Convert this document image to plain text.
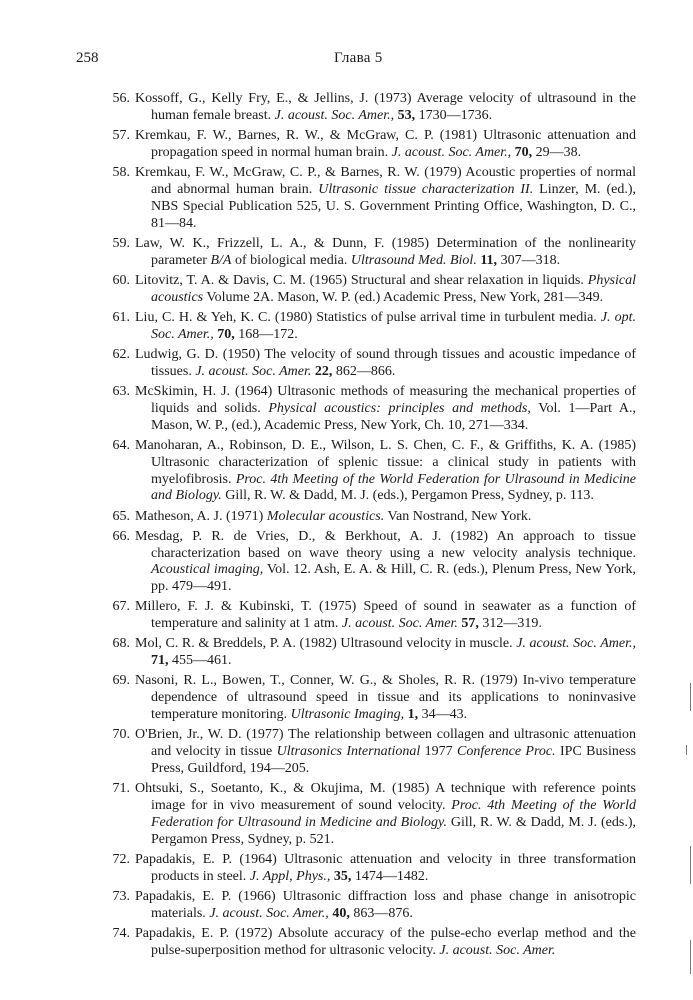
258	Глава 5
56. Kossoff, G., Kelly Fry, E., & Jellins, J. (1973) Average velocity of ultrasound in the human female breast. J. acoust. Soc. Amer., 53, 1730—1736.
57. Kremkau, F. W., Barnes, R. W., & McGraw, C. P. (1981) Ultrasonic attenuation and propagation speed in normal human brain. J. acoust. Soc. Amer., 70, 29—38.
58. Kremkau, F. W., McGraw, C. P., & Barnes, R. W. (1979) Acoustic properties of normal and abnormal human brain. Ultrasonic tissue characterization II. Linzer, M. (ed.), NBS Special Publication 525, U. S. Government Printing Office, Washington, D. C., 81—84.
59. Law, W. K., Frizzell, L. A., & Dunn, F. (1985) Determination of the nonlinearity parameter B/A of biological media. Ultrasound Med. Biol. 11, 307—318.
60. Litovitz, T. A. & Davis, C. M. (1965) Structural and shear relaxation in liquids. Physical acoustics Volume 2A. Mason, W. P. (ed.) Academic Press, New York, 281—349.
61. Liu, C. H. & Yeh, K. C. (1980) Statistics of pulse arrival time in turbulent media. J. opt. Soc. Amer., 70, 168—172.
62. Ludwig, G. D. (1950) The velocity of sound through tissues and acoustic impedance of tissues. J. acoust. Soc. Amer. 22, 862—866.
63. McSkimin, H. J. (1964) Ultrasonic methods of measuring the mechanical properties of liquids and solids. Physical acoustics: principles and methods, Vol. 1—Part A., Mason, W. P., (ed.), Academic Press, New York, Ch. 10, 271—334.
64. Manoharan, A., Robinson, D. E., Wilson, L. S. Chen, C. F., & Griffiths, K. A. (1985) Ultrasonic characterization of splenic tissue: a clinical study in patients with myelofibrosis. Proc. 4th Meeting of the World Federation for Ulrasound in Medicine and Biology. Gill, R. W. & Dadd, M. J. (eds.), Pergamon Press, Sydney, p. 113.
65. Matheson, A. J. (1971) Molecular acoustics. Van Nostrand, New York.
66. Mesdag, P. R. de Vries, D., & Berkhout, A. J. (1982) An approach to tissue characterization based on wave theory using a new velocity analysis technique. Acoustical imaging, Vol. 12. Ash, E. A. & Hill, C. R. (eds.), Plenum Press, New York, pp. 479—491.
67. Millero, F. J. & Kubinski, T. (1975) Speed of sound in seawater as a function of temperature and salinity at 1 atm. J. acoust. Soc. Amer. 57, 312—319.
68. Mol, C. R. & Breddels, P. A. (1982) Ultrasound velocity in muscle. J. acoust. Soc. Amer., 71, 455—461.
69. Nasoni, R. L., Bowen, T., Conner, W. G., & Sholes, R. R. (1979) In-vivo temperature dependence of ultrasound speed in tissue and its applications to noninvasive temperature monitoring. Ultrasonic Imaging, 1, 34—43.
70. O'Brien, Jr., W. D. (1977) The relationship between collagen and ultrasonic attenuation and velocity in tissue Ultrasonics International 1977 Conference Proc. IPC Business Press, Guildford, 194—205.
71. Ohtsuki, S., Soetanto, K., & Okujima, M. (1985) A technique with reference points image for in vivo measurement of sound velocity. Proc. 4th Meeting of the World Federation for Ultrasound in Medicine and Biology. Gill, R. W. & Dadd, M. J. (eds.), Pergamon Press, Sydney, p. 521.
72. Papadakis, E. P. (1964) Ultrasonic attenuation and velocity in three transformation products in steel. J. Appl, Phys., 35, 1474—1482.
73. Papadakis, E. P. (1966) Ultrasonic diffraction loss and phase change in anisotropic materials. J. acoust. Soc. Amer., 40, 863—876.
74. Papadakis, E. P. (1972) Absolute accuracy of the pulse-echo everlap method and the pulse-superposition method for ultrasonic velocity. J. acoust. Soc. Amer.
